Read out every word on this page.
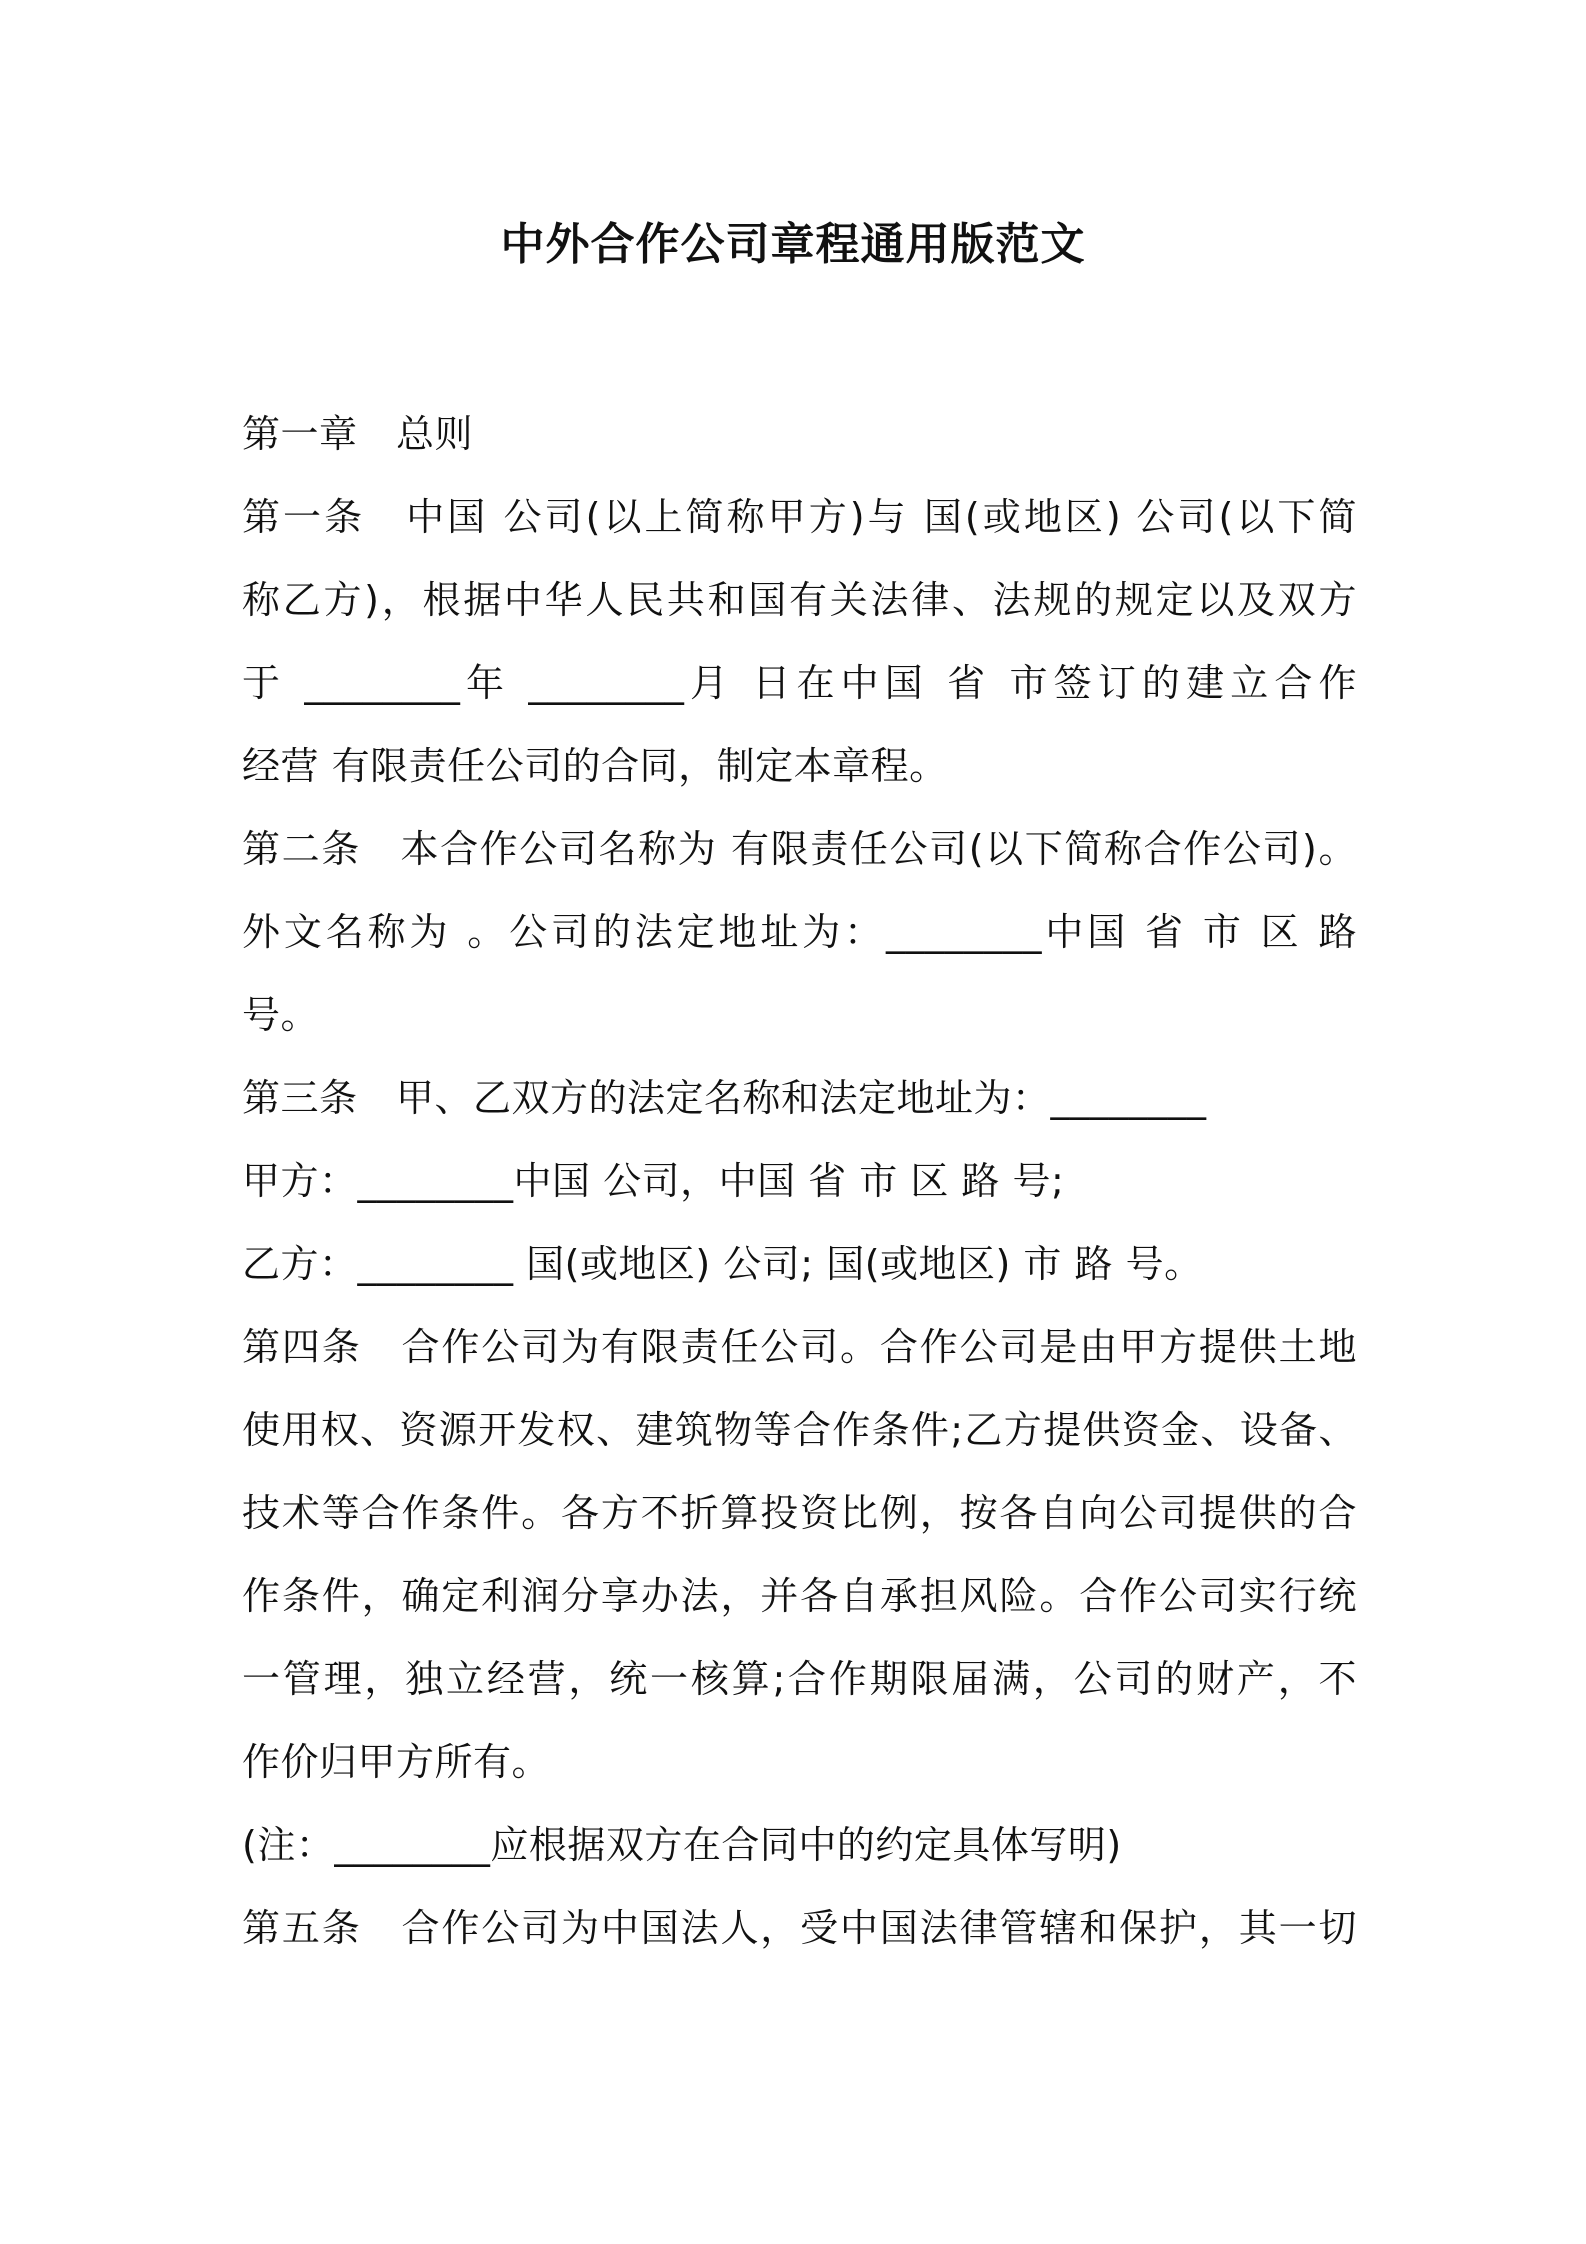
中外合作公司章程通用版范文
第一章　总则
第一条　中国 公司(以上简称甲方)与 国(或地区) 公司(以下简
称乙方)，根据中华人民共和国有关法律、法规的规定以及双方
于 ________年 ________月 日在中国 省 市签订的建立合作
经营 有限责任公司的合同，制定本章程。
第二条　本合作公司名称为 有限责任公司(以下简称合作公司)。
外文名称为 。公司的法定地址为：________中国 省 市 区 路
号。
第三条　甲、乙双方的法定名称和法定地址为：________
甲方：________中国 公司，中国 省 市 区 路 号;
乙方：________ 国(或地区) 公司; 国(或地区) 市 路 号。
第四条　合作公司为有限责任公司。合作公司是由甲方提供土地
使用权、资源开发权、建筑物等合作条件;乙方提供资金、设备、
技术等合作条件。各方不折算投资比例，按各自向公司提供的合
作条件，确定利润分享办法，并各自承担风险。合作公司实行统
一管理，独立经营，统一核算;合作期限届满，公司的财产，不
作价归甲方所有。
(注：________应根据双方在合同中的约定具体写明)
第五条　合作公司为中国法人，受中国法律管辖和保护，其一切
